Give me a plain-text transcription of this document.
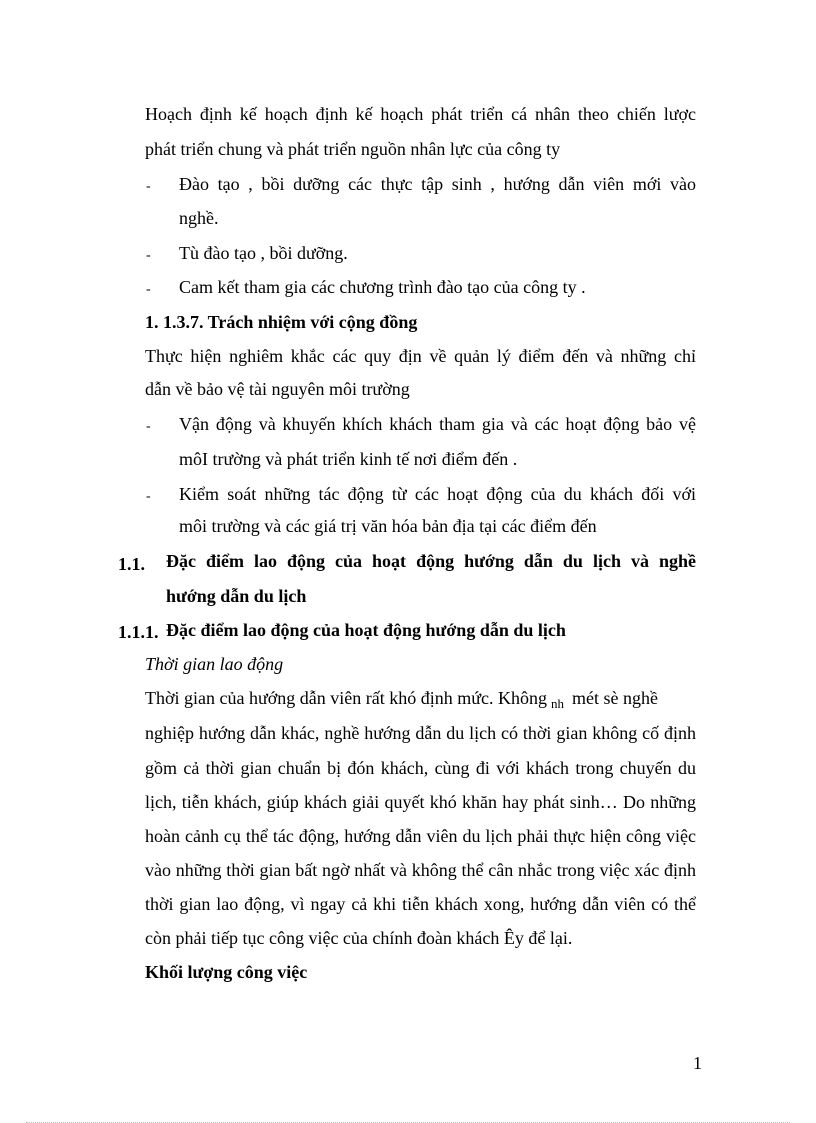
Hoạch định kế hoạch định kế hoạch phát triển cá nhân theo chiến lược
phát triển chung và phát triển nguồn nhân lực của công ty
- Đào tạo , bồi dưỡng các thực tập sinh , hướng dẫn viên mới vào
nghề.
- Tù đào tạo , bồi dưỡng.
- Cam kết tham gia các chương trình đào tạo của công ty .
1. 1.3.7. Trách nhiệm với cộng đồng
Thực hiện nghiêm khắc các quy địn về quản lý điểm đến và những chỉ
dẫn về bảo vệ tài nguyên môi trường
- Vận động và khuyến khích khách tham gia và các hoạt động bảo vệ
môI trường và phát triển kinh tế nơi điểm đến .
- Kiểm soát những tác động từ các hoạt động của du khách đối với
môi trường và các giá trị văn hóa bản địa tại các điểm đến
1.1. Đặc điểm lao động của hoạt động hướng dẫn du lịch và nghề
hướng dẫn du lịch
1.1.1. Đặc điểm lao động của hoạt động hướng dẫn du lịch
Thời gian lao động
Thời gian của hướng dẫn viên rất khó định mức. Không $_{nh}$ mét sè nghề
nghiệp hướng dẫn khác, nghề hướng dẫn du lịch có thời gian không cố định
gồm cả thời gian chuẩn bị đón khách, cùng đi với khách trong chuyến du
lịch, tiễn khách, giúp khách giải quyết khó khăn hay phát sinh… Do những
hoàn cảnh cụ thể tác động, hướng dẫn viên du lịch phải thực hiện công việc
vào những thời gian bất ngờ nhất và không thể cân nhắc trong việc xác định
thời gian lao động, vì ngay cả khi tiễn khách xong, hướng dẫn viên có thể
còn phải tiếp tục công việc của chính đoàn khách Êy để lại.
Khối lượng công việc
1
